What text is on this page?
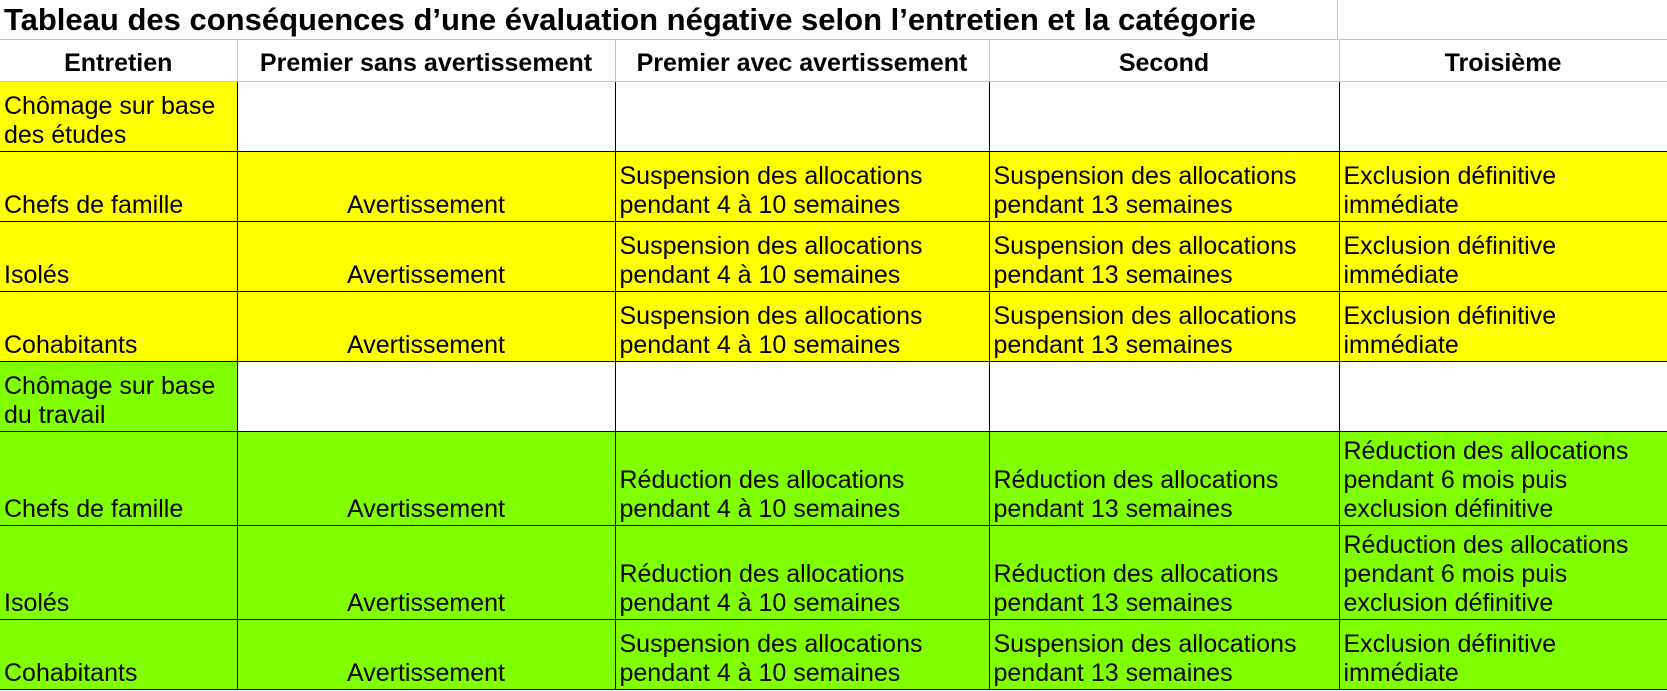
Tableau des conséquences d’une évaluation négative selon l’entretien et la catégorie
Entretien	Premier sans avertissement	Premier avec avertissement	Second	Troisième
Chômage sur base des études				
Chefs de famille	Avertissement	Suspension des allocations pendant 4 à 10 semaines	Suspension des allocations pendant 13 semaines	Exclusion définitive immédiate
Isolés	Avertissement	Suspension des allocations pendant 4 à 10 semaines	Suspension des allocations pendant 13 semaines	Exclusion définitive immédiate
Cohabitants	Avertissement	Suspension des allocations pendant 4 à 10 semaines	Suspension des allocations pendant 13 semaines	Exclusion définitive immédiate
Chômage sur base du travail				
Chefs de famille	Avertissement	Réduction des allocations pendant 4 à 10 semaines	Réduction des allocations pendant 13 semaines	Réduction des allocations pendant 6 mois puis exclusion définitive
Isolés	Avertissement	Réduction des allocations pendant 4 à 10 semaines	Réduction des allocations pendant 13 semaines	Réduction des allocations pendant 6 mois puis exclusion définitive
Cohabitants	Avertissement	Suspension des allocations pendant 4 à 10 semaines	Suspension des allocations pendant 13 semaines	Exclusion définitive immédiate
